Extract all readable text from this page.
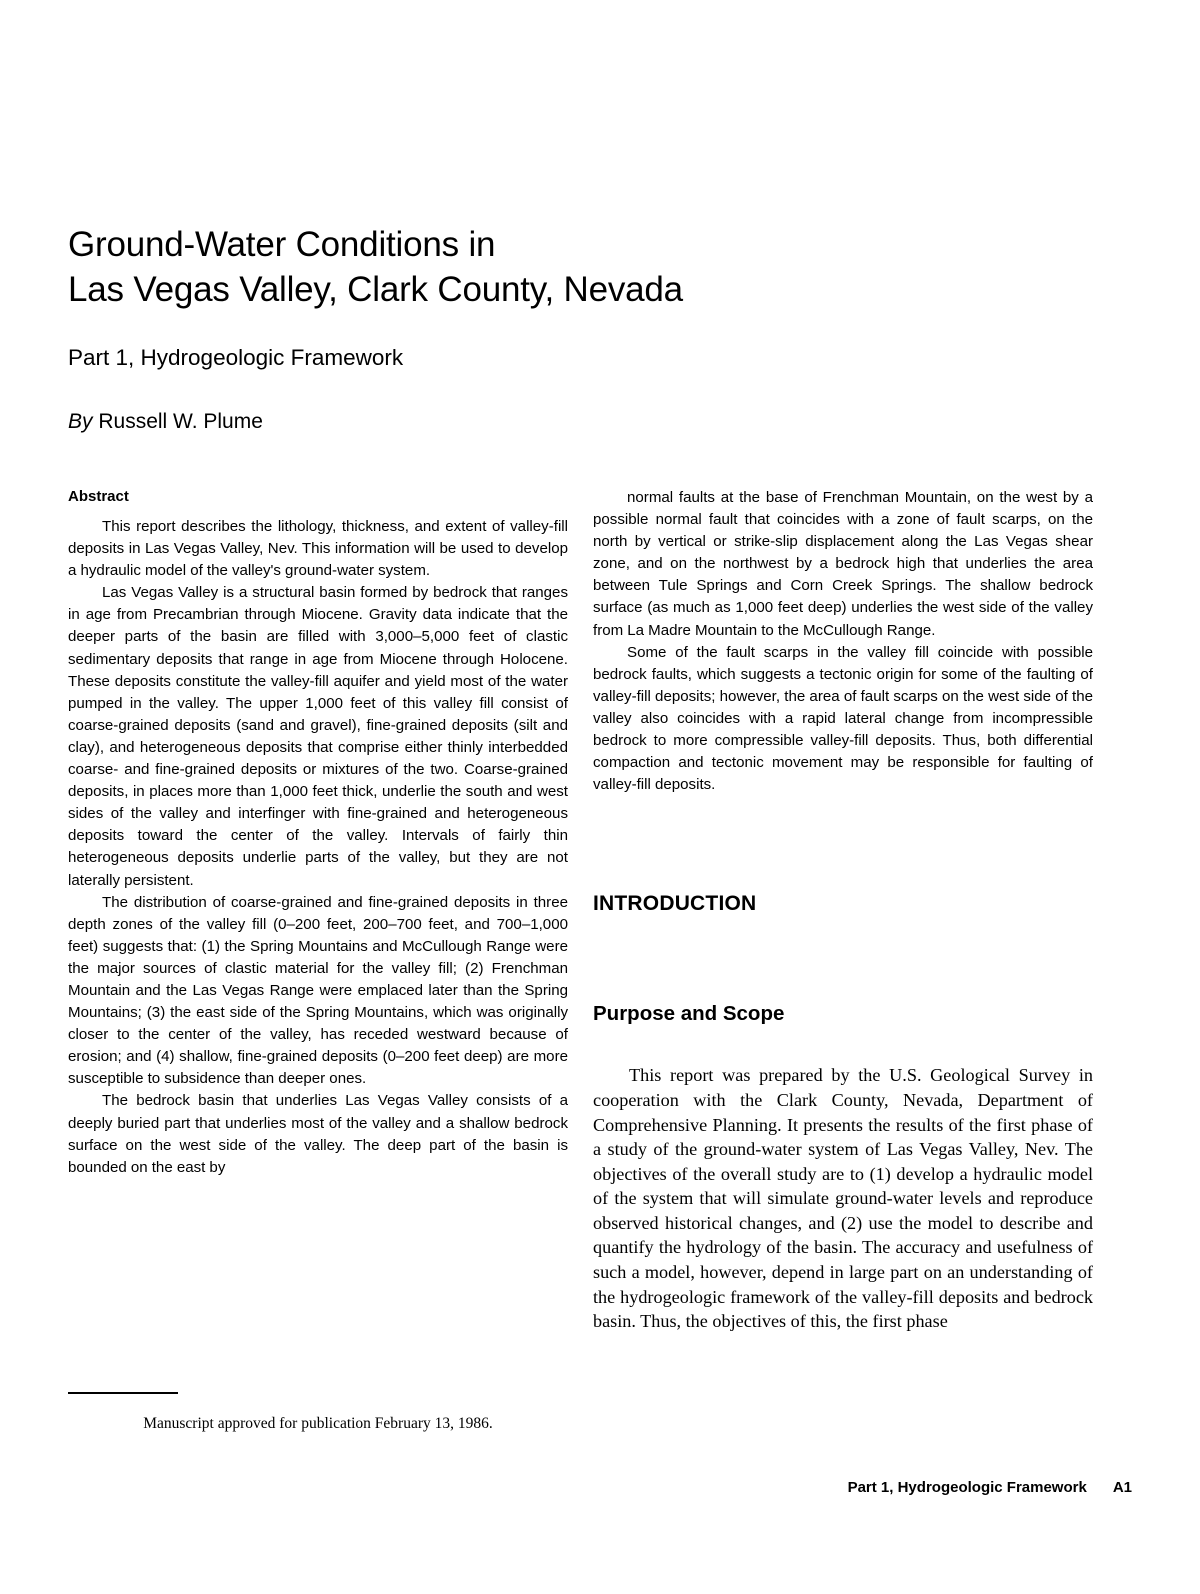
Ground-Water Conditions in
Las Vegas Valley, Clark County, Nevada
Part 1, Hydrogeologic Framework
By Russell W. Plume
Abstract

This report describes the lithology, thickness, and extent of valley-fill deposits in Las Vegas Valley, Nev. This information will be used to develop a hydraulic model of the valley's ground-water system.

Las Vegas Valley is a structural basin formed by bedrock that ranges in age from Precambrian through Miocene. Gravity data indicate that the deeper parts of the basin are filled with 3,000–5,000 feet of clastic sedimentary deposits that range in age from Miocene through Holocene. These deposits constitute the valley-fill aquifer and yield most of the water pumped in the valley. The upper 1,000 feet of this valley fill consist of coarse-grained deposits (sand and gravel), fine-grained deposits (silt and clay), and heterogeneous deposits that comprise either thinly interbedded coarse- and fine-grained deposits or mixtures of the two. Coarse-grained deposits, in places more than 1,000 feet thick, underlie the south and west sides of the valley and interfinger with fine-grained and heterogeneous deposits toward the center of the valley. Intervals of fairly thin heterogeneous deposits underlie parts of the valley, but they are not laterally persistent.

The distribution of coarse-grained and fine-grained deposits in three depth zones of the valley fill (0–200 feet, 200–700 feet, and 700–1,000 feet) suggests that: (1) the Spring Mountains and McCullough Range were the major sources of clastic material for the valley fill; (2) Frenchman Mountain and the Las Vegas Range were emplaced later than the Spring Mountains; (3) the east side of the Spring Mountains, which was originally closer to the center of the valley, has receded westward because of erosion; and (4) shallow, fine-grained deposits (0–200 feet deep) are more susceptible to subsidence than deeper ones.

The bedrock basin that underlies Las Vegas Valley consists of a deeply buried part that underlies most of the valley and a shallow bedrock surface on the west side of the valley. The deep part of the basin is bounded on the east by

normal faults at the base of Frenchman Mountain, on the west by a possible normal fault that coincides with a zone of fault scarps, on the north by vertical or strike-slip displacement along the Las Vegas shear zone, and on the northwest by a bedrock high that underlies the area between Tule Springs and Corn Creek Springs. The shallow bedrock surface (as much as 1,000 feet deep) underlies the west side of the valley from La Madre Mountain to the McCullough Range.

Some of the fault scarps in the valley fill coincide with possible bedrock faults, which suggests a tectonic origin for some of the faulting of valley-fill deposits; however, the area of fault scarps on the west side of the valley also coincides with a rapid lateral change from incompressible bedrock to more compressible valley-fill deposits. Thus, both differential compaction and tectonic movement may be responsible for faulting of valley-fill deposits.

INTRODUCTION
Purpose and Scope

This report was prepared by the U.S. Geological Survey in cooperation with the Clark County, Nevada, Department of Comprehensive Planning. It presents the results of the first phase of a study of the ground-water system of Las Vegas Valley, Nev. The objectives of the overall study are to (1) develop a hydraulic model of the system that will simulate ground-water levels and reproduce observed historical changes, and (2) use the model to describe and quantify the hydrology of the basin. The accuracy and usefulness of such a model, however, depend in large part on an understanding of the hydrogeologic framework of the valley-fill deposits and bedrock basin. Thus, the objectives of this, the first phase

Manuscript approved for publication February 13, 1986.

Part 1, Hydrogeologic Framework A1
